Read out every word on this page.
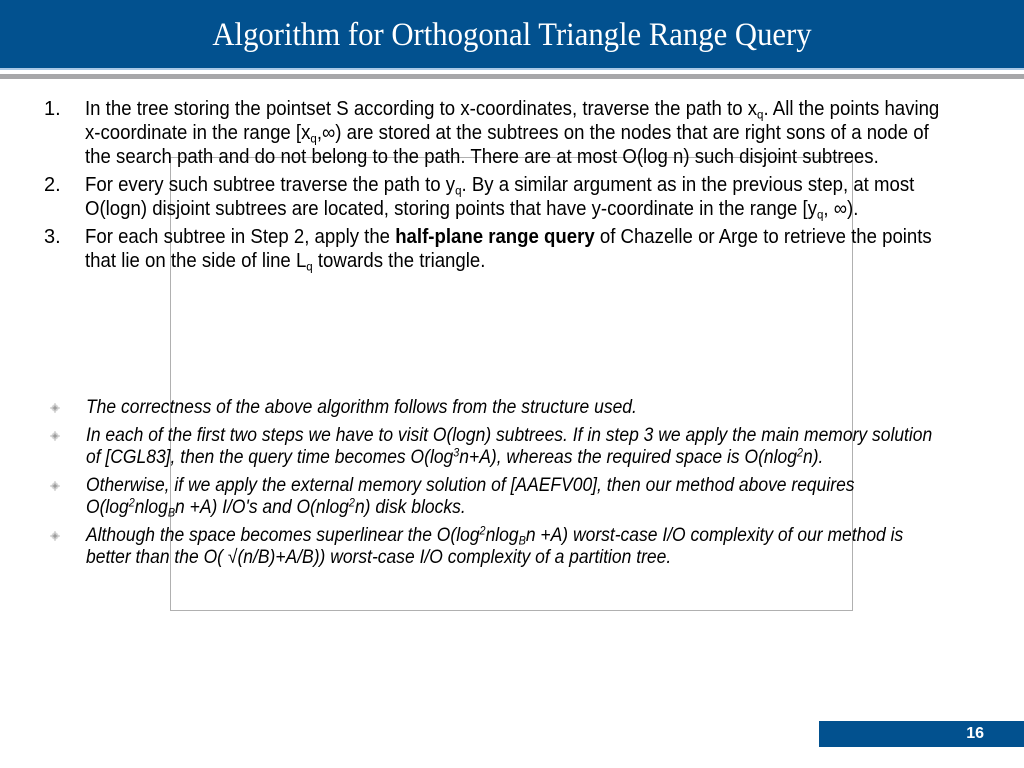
Algorithm for Orthogonal Triangle Range Query
1. In the tree storing the pointset S according to x-coordinates, traverse the path to $x_q$. All the points having x-coordinate in the range $[x_q,\infty)$ are stored at the subtrees on the nodes that are right sons of a node of the search path and do not belong to the path. There are at most O(log n) such disjoint subtrees.
2. For every such subtree traverse the path to $y_q$. By a similar argument as in the previous step, at most O(logn) disjoint subtrees are located, storing points that have y-coordinate in the range [$y_q$, ∞).
3. For each subtree in Step 2, apply the half-plane range query of Chazelle or Arge to retrieve the points that lie on the side of line $L_q$ towards the triangle.
The correctness of the above algorithm follows from the structure used.
In each of the first two steps we have to visit O(logn) subtrees. If in step 3 we apply the main memory solution of [CGL83], then the query time becomes $O(\log^3n+A)$, whereas the required space is O(nlog$^2$n).
Otherwise, if we apply the external memory solution of [AAEFV00], then our method above requires $O(\log^2nlog_Bn +A)$ I/O's and O(nlog$^2$n) disk blocks.
Although the space becomes superlinear the $O(\log^2nlog_Bn +A)$ worst-case I/O complexity of our method is better than the O( √(n/B)+A/B)) worst-case I/O complexity of a partition tree.
16
